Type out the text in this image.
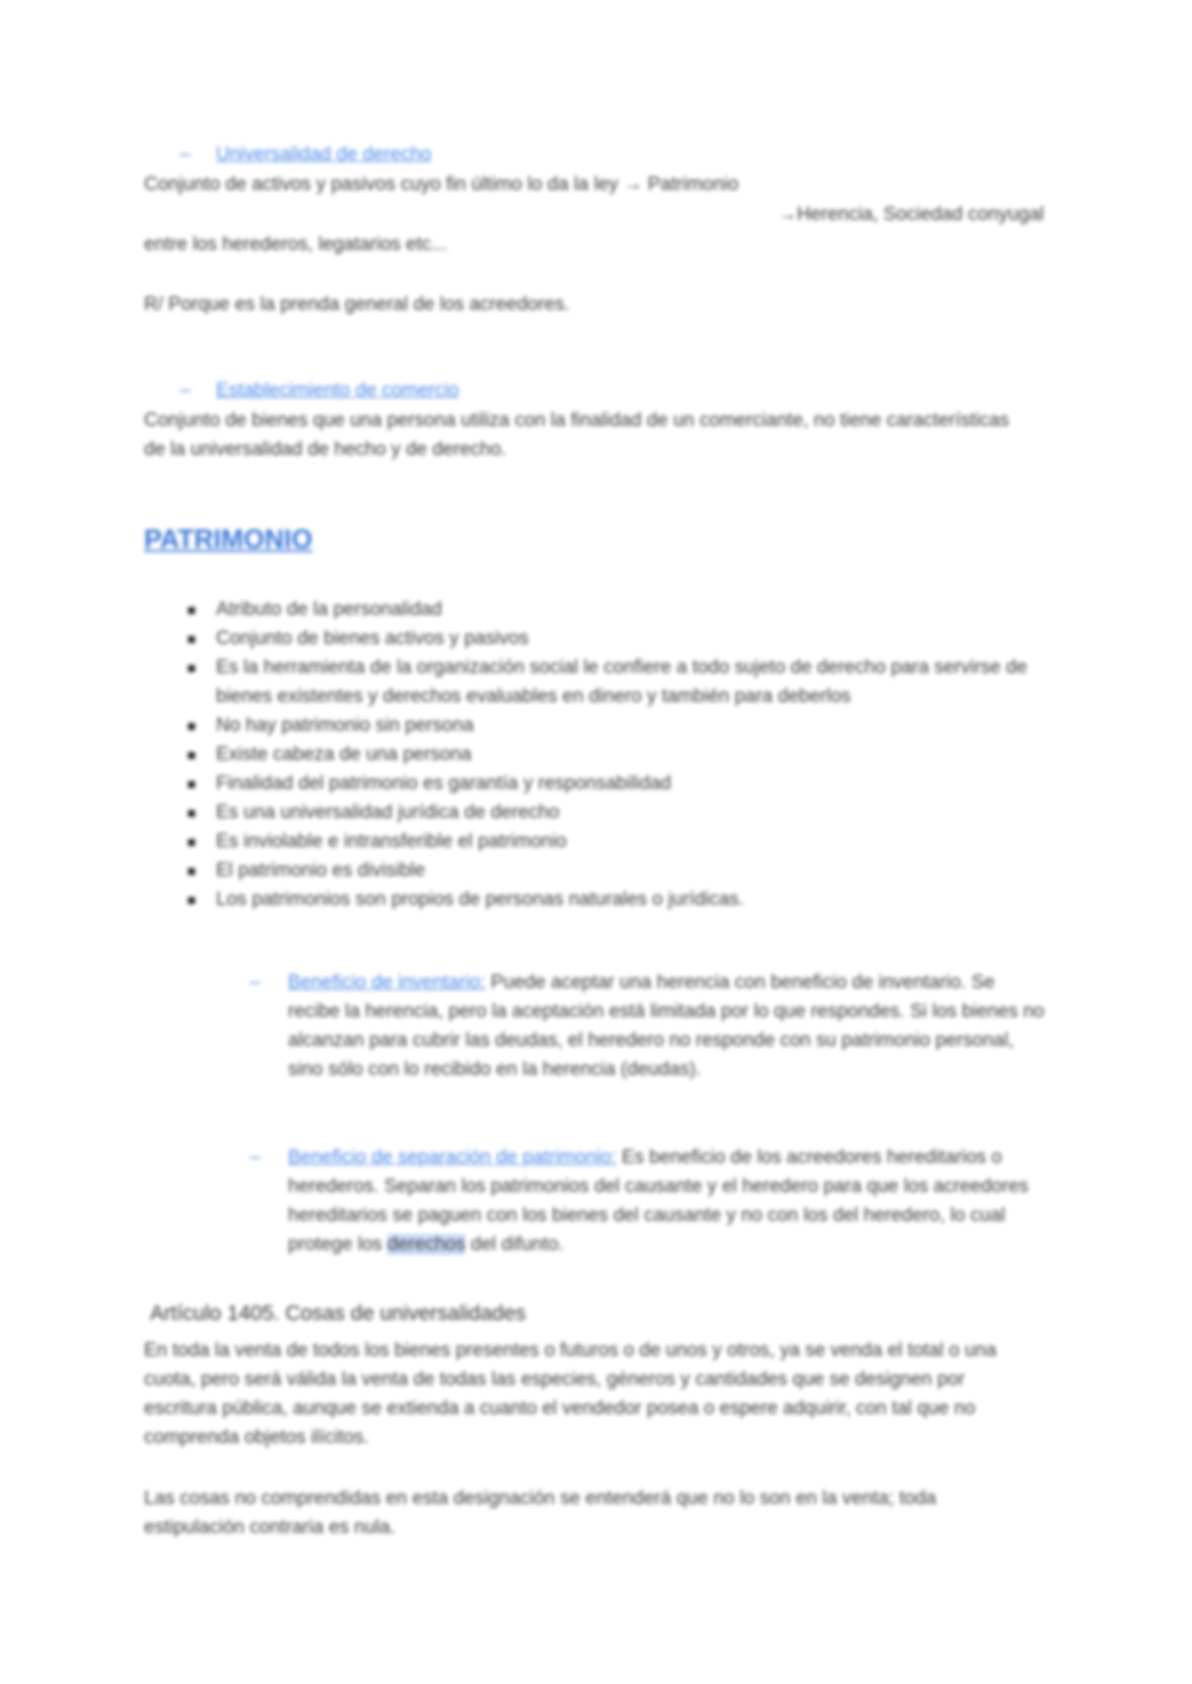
– Universalidad de derecho
Conjunto de activos y pasivos cuyo fin último lo da la ley → Patrimonio
→Herencia, Sociedad conyugal
entre los herederos, legatarios etc...
R/ Porque es la prenda general de los acreedores.
– Establecimiento de comercio
Conjunto de bienes que una persona utiliza con la finalidad de un comerciante, no tiene características de la universalidad de hecho y de derecho.
PATRIMONIO
Atributo de la personalidad
Conjunto de bienes activos y pasivos
Es la herramienta de la organización social le confiere a todo sujeto de derecho para servirse de bienes existentes y derechos evaluables en dinero y también para deberlos
No hay patrimonio sin persona
Existe cabeza de una persona
Finalidad del patrimonio es garantía y responsabilidad
Es una universalidad jurídica de derecho
Es inviolable e intransferible el patrimonio
El patrimonio es divisible
Los patrimonios son propios de personas naturales o jurídicas.
– Beneficio de inventario: Puede aceptar una herencia con beneficio de inventario. Se recibe la herencia, pero la aceptación está limitada por lo que respondes. Si los bienes no alcanzan para cubrir las deudas, el heredero no responde con su patrimonio personal, sino sólo con lo recibido en la herencia (deudas).
– Beneficio de separación de patrimonio: Es beneficio de los acreedores hereditarios o herederos. Separan los patrimonios del causante y el heredero para que los acreedores hereditarios se paguen con los bienes del causante y no con los del heredero, lo cual protege los derechos del difunto.
Artículo 1405. Cosas de universalidades
En toda la venta de todos los bienes presentes o futuros o de unos y otros, ya se venda el total o una cuota, pero será válida la venta de todas las especies, géneros y cantidades que se designen por escritura pública, aunque se extienda a cuanto el vendedor posea o espere adquirir, con tal que no comprenda objetos ilícitos.
Las cosas no comprendidas en esta designación se entenderá que no lo son en la venta; toda estipulación contraria es nula.
